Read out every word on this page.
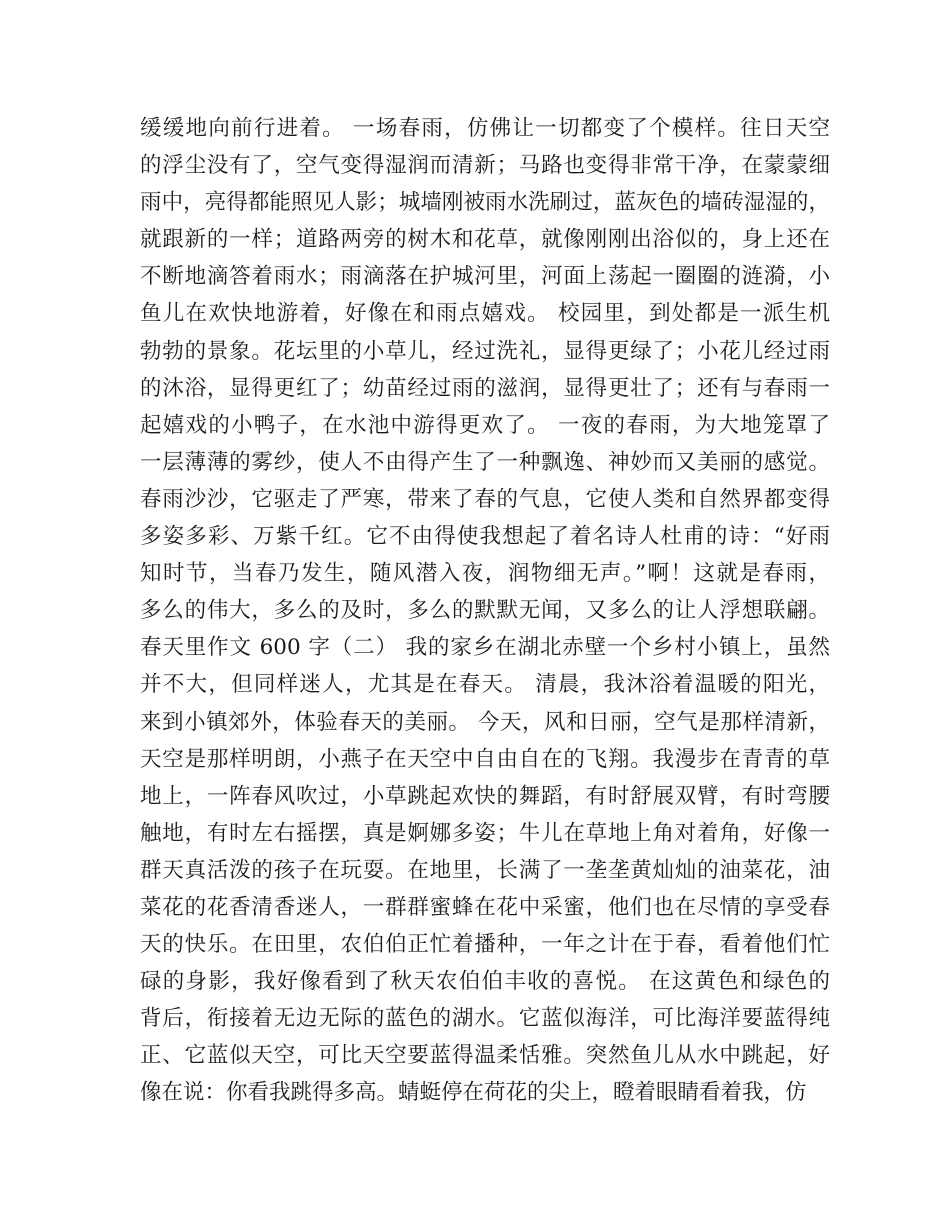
缓缓地向前行进着。 一场春雨，仿佛让一切都变了个模样。往日天空
的浮尘没有了，空气变得湿润而清新；马路也变得非常干净，在蒙蒙细
雨中，亮得都能照见人影；城墙刚被雨水洗刷过，蓝灰色的墙砖湿湿的，
就跟新的一样；道路两旁的树木和花草，就像刚刚出浴似的，身上还在
不断地滴答着雨水；雨滴落在护城河里，河面上荡起一圈圈的涟漪，小
鱼儿在欢快地游着，好像在和雨点嬉戏。 校园里，到处都是一派生机
勃勃的景象。花坛里的小草儿，经过洗礼，显得更绿了；小花儿经过雨
的沐浴，显得更红了；幼苗经过雨的滋润，显得更壮了；还有与春雨一
起嬉戏的小鸭子，在水池中游得更欢了。 一夜的春雨，为大地笼罩了
一层薄薄的雾纱，使人不由得产生了一种飘逸、神妙而又美丽的感觉。
春雨沙沙，它驱走了严寒，带来了春的气息，它使人类和自然界都变得
多姿多彩、万紫千红。它不由得使我想起了着名诗人杜甫的诗：“好雨
知时节，当春乃发生，随风潜入夜，润物细无声。”啊！这就是春雨，
多么的伟大，多么的及时，多么的默默无闻，又多么的让人浮想联翩。
春天里作文 600 字（二） 我的家乡在湖北赤壁一个乡村小镇上，虽然
并不大，但同样迷人，尤其是在春天。 清晨，我沐浴着温暖的阳光，
来到小镇郊外，体验春天的美丽。 今天，风和日丽，空气是那样清新，
天空是那样明朗，小燕子在天空中自由自在的飞翔。我漫步在青青的草
地上，一阵春风吹过，小草跳起欢快的舞蹈，有时舒展双臂，有时弯腰
触地，有时左右摇摆，真是婀娜多姿；牛儿在草地上角对着角，好像一
群天真活泼的孩子在玩耍。在地里，长满了一垄垄黄灿灿的油菜花，油
菜花的花香清香迷人，一群群蜜蜂在花中采蜜，他们也在尽情的享受春
天的快乐。在田里，农伯伯正忙着播种，一年之计在于春，看着他们忙
碌的身影，我好像看到了秋天农伯伯丰收的喜悦。 在这黄色和绿色的
背后，衔接着无边无际的蓝色的湖水。它蓝似海洋，可比海洋要蓝得纯
正、它蓝似天空，可比天空要蓝得温柔恬雅。突然鱼儿从水中跳起，好
像在说：你看我跳得多高。蜻蜓停在荷花的尖上，瞪着眼睛看着我，仿
